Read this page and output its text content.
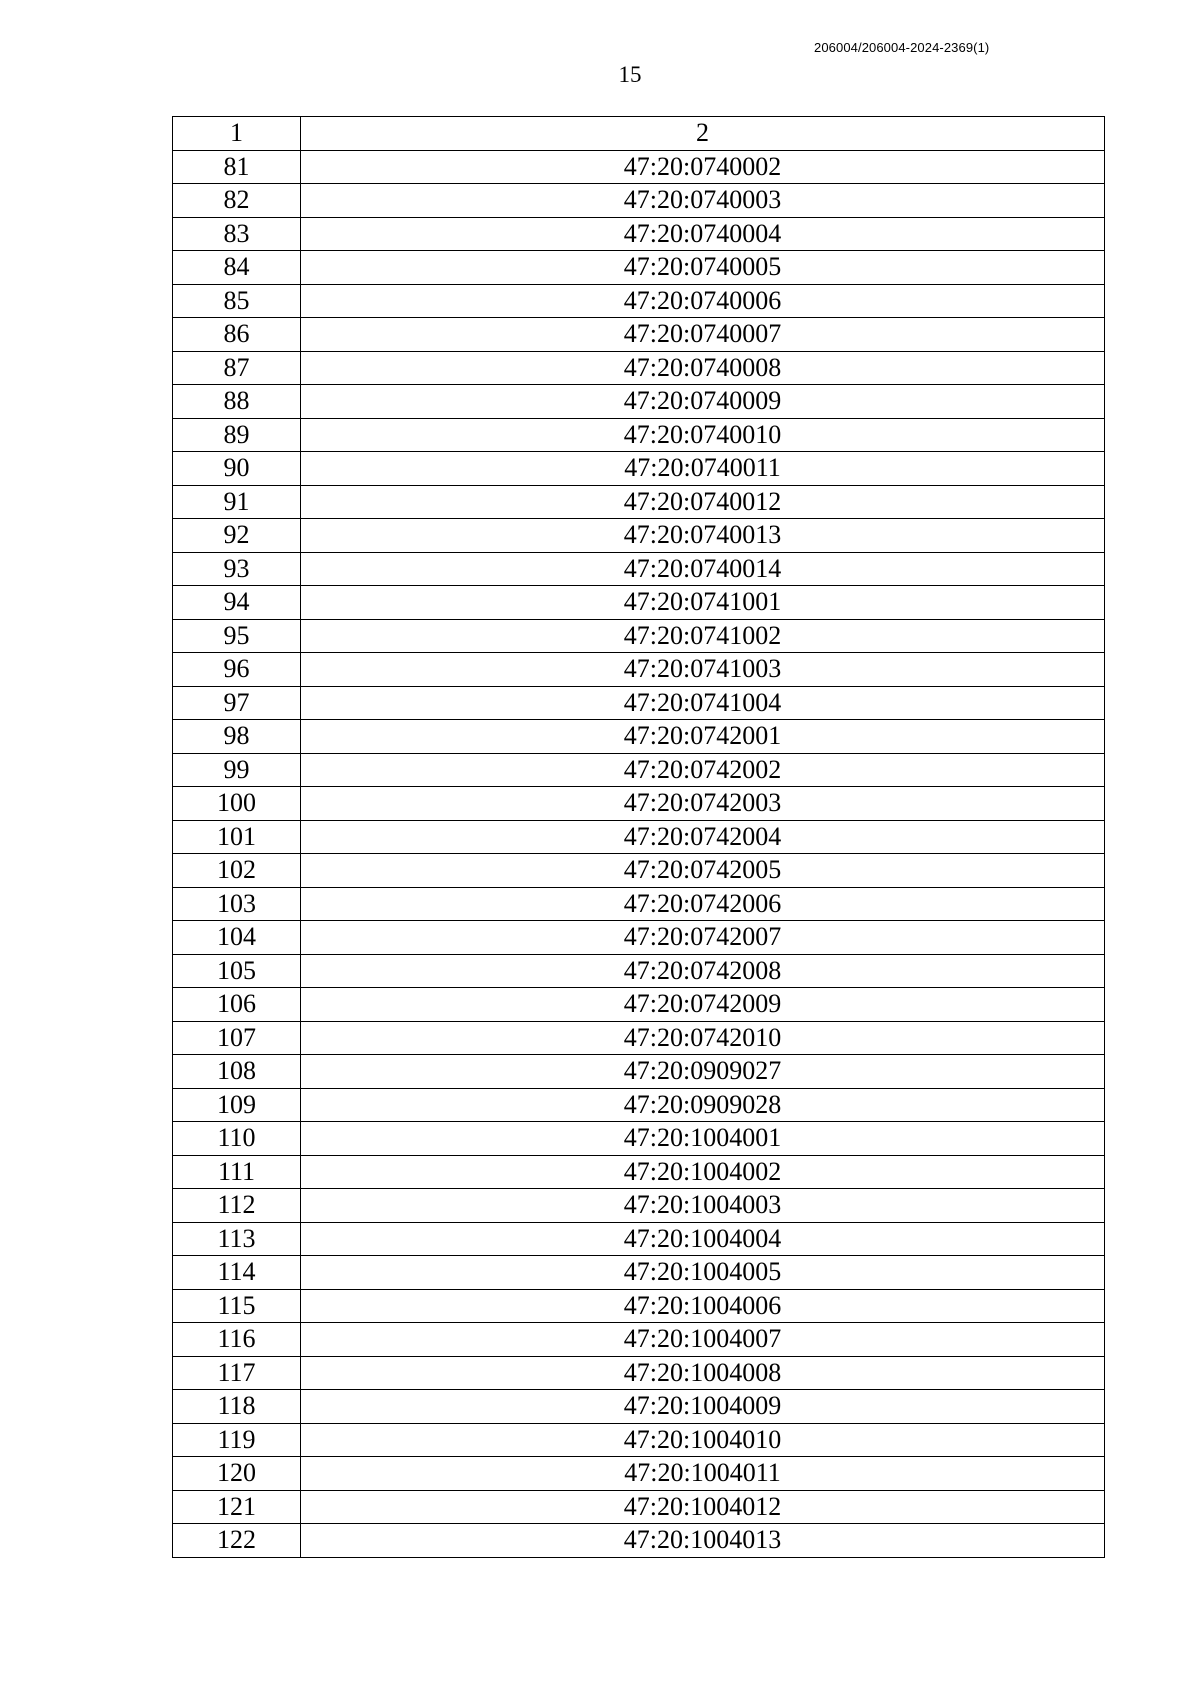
206004/206004-2024-2369(1)
15
1	2
81	47:20:0740002
82	47:20:0740003
83	47:20:0740004
84	47:20:0740005
85	47:20:0740006
86	47:20:0740007
87	47:20:0740008
88	47:20:0740009
89	47:20:0740010
90	47:20:0740011
91	47:20:0740012
92	47:20:0740013
93	47:20:0740014
94	47:20:0741001
95	47:20:0741002
96	47:20:0741003
97	47:20:0741004
98	47:20:0742001
99	47:20:0742002
100	47:20:0742003
101	47:20:0742004
102	47:20:0742005
103	47:20:0742006
104	47:20:0742007
105	47:20:0742008
106	47:20:0742009
107	47:20:0742010
108	47:20:0909027
109	47:20:0909028
110	47:20:1004001
111	47:20:1004002
112	47:20:1004003
113	47:20:1004004
114	47:20:1004005
115	47:20:1004006
116	47:20:1004007
117	47:20:1004008
118	47:20:1004009
119	47:20:1004010
120	47:20:1004011
121	47:20:1004012
122	47:20:1004013
